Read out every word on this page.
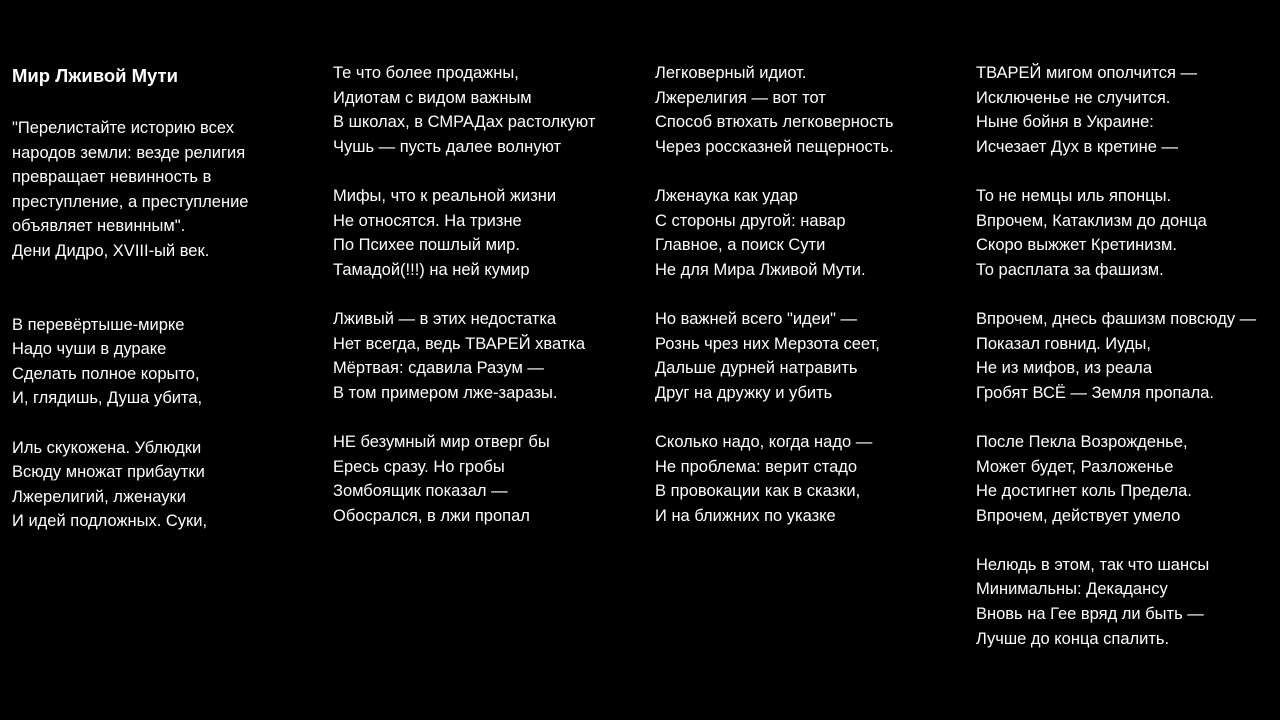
Мир Лживой Мути
"Перелистайте историю всех
народов земли: везде религия
превращает невинность в
преступление, а преступление
объявляет невинным".
Дени Дидро, XVIII-ый век.
В перевёртыше-мирке
Надо чуши в дураке
Сделать полное корыто,
И, глядишь, Душа убита,
Иль скукожена. Ублюдки
Всюду множат прибаутки
Лжерелигий, лженауки
И идей подложных. Суки,
Те что более продажны,
Идиотам с видом важным
В школах, в СМРАДах растолкуют
Чушь — пусть далее волнуют
Мифы, что к реальной жизни
Не относятся. На тризне
По Психее пошлый мир.
Тамадой(!!!) на ней кумир
Лживый — в этих недостатка
Нет всегда, ведь ТВАРЕЙ хватка
Мёртвая: сдавила Разум —
В том примером лже-заразы.
НЕ безумный мир отверг бы
Ересь сразу. Но гробы
Зомбоящик показал —
Обосрался, в лжи пропал
Легковерный идиот.
Лжерелигия — вот тот
Способ втюхать легковерность
Через россказней пещерность.
Лженаука как удар
С стороны другой: навар
Главное, а поиск Сути
Не для Мира Лживой Мути.
Но важней всего "идеи" —
Рознь чрез них Мерзота сеет,
Дальше дурней натравить
Друг на дружку и убить
Сколько надо, когда надо —
Не проблема: верит стадо
В провокации как в сказки,
И на ближних по указке
ТВАРЕЙ мигом ополчится —
Исключенье не случится.
Ныне бойня в Украине:
Исчезает Дух в кретине —
То не немцы иль японцы.
Впрочем, Катаклизм до донца
Скоро выжжет Кретинизм.
То расплата за фашизм.
Впрочем, днесь фашизм повсюду —
Показал говнид. Иуды,
Не из мифов, из реала
Гробят ВСЁ — Земля пропала.
После Пекла Возрожденье,
Может будет, Разложенье
Не достигнет коль Предела.
Впрочем, действует умело
Нелюдь в этом, так что шансы
Минимальны: Декадансу
Вновь на Гее вряд ли быть —
Лучше до конца спалить.
